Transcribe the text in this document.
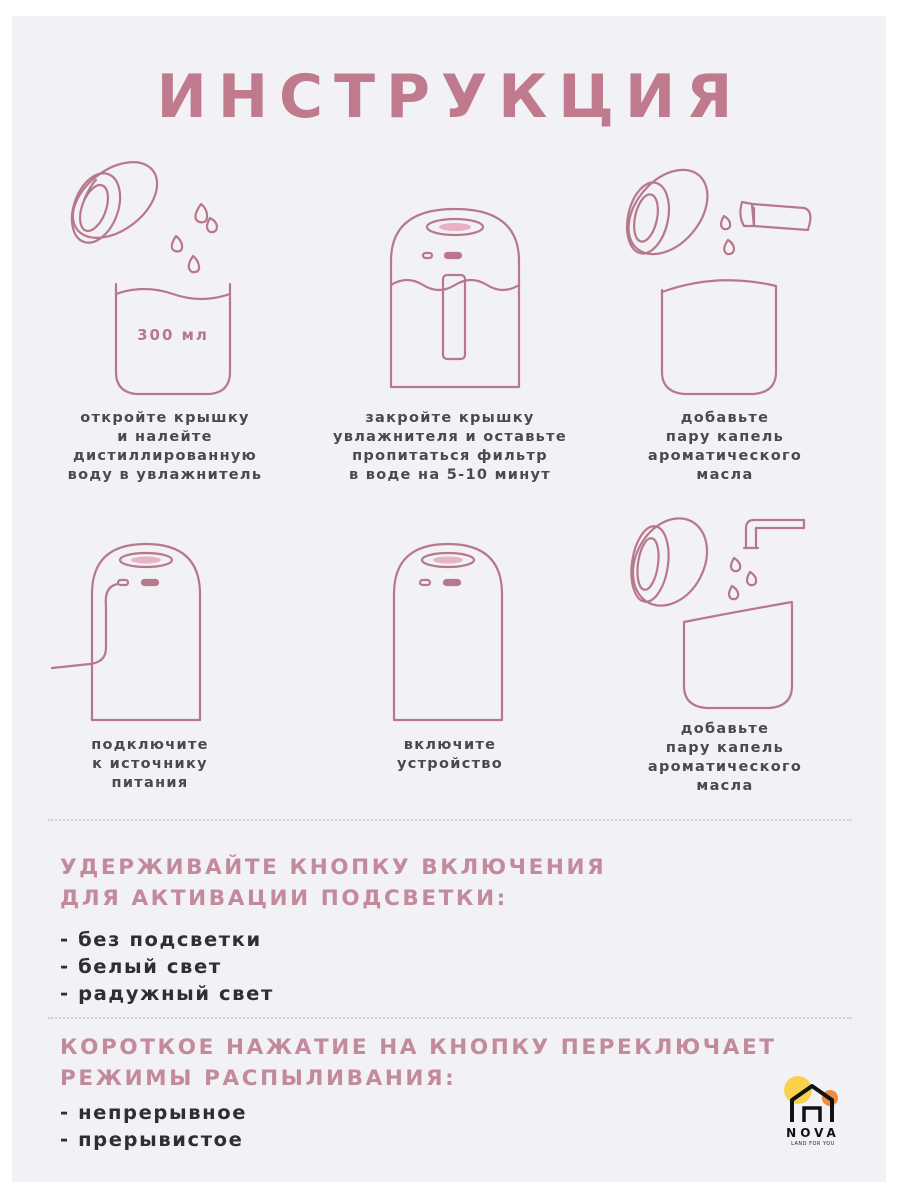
ИНСТРУКЦИЯ
300 мл
откройте крышку
и налейте
дистиллированную
воду в увлажнитель
закройте крышку
увлажнителя и оставьте
пропитаться фильтр
в воде на 5-10 минут
добавьте
пару капель
ароматического
масла
подключите
к источнику
питания
включите
устройство
добавьте
пару капель
ароматического
масла
УДЕРЖИВАЙТЕ КНОПКУ ВКЛЮЧЕНИЯ
ДЛЯ АКТИВАЦИИ ПОДСВЕТКИ:
- без подсветки
- белый свет
- радужный свет
КОРОТКОЕ НАЖАТИЕ НА КНОПКУ ПЕРЕКЛЮЧАЕТ
РЕЖИМЫ РАСПЫЛИВАНИЯ:
- непрерывное
- прерывистое	NOVA
LAND FOR YOU
